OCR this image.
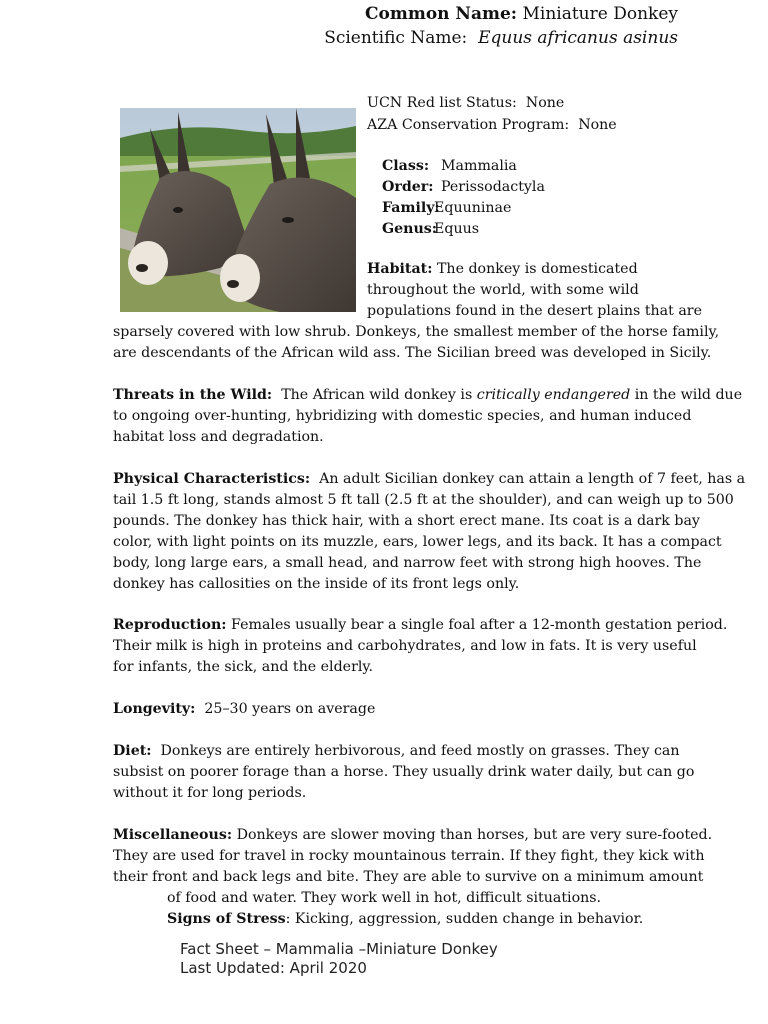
Common Name: Miniature Donkey
Scientific Name: Equus africanus asinus
UCN Red list Status: None
AZA Conservation Program: None
Class: Mammalia
Order: Perissodactyla
Family:Equuninae
Genus:Equus
Habitat: The donkey is domesticated
throughout the world, with some wild
populations found in the desert plains that are
sparsely covered with low shrub. Donkeys, the smallest member of the horse family,
are descendants of the African wild ass. The Sicilian breed was developed in Sicily.
Threats in the Wild: The African wild donkey is critically endangered in the wild due
to ongoing over-hunting, hybridizing with domestic species, and human induced
habitat loss and degradation.
Physical Characteristics: An adult Sicilian donkey can attain a length of 7 feet, has a
tail 1.5 ft long, stands almost 5 ft tall (2.5 ft at the shoulder), and can weigh up to 500
pounds. The donkey has thick hair, with a short erect mane. Its coat is a dark bay
color, with light points on its muzzle, ears, lower legs, and its back. It has a compact
body, long large ears, a small head, and narrow feet with strong high hooves. The
donkey has callosities on the inside of its front legs only.
Reproduction: Females usually bear a single foal after a 12-month gestation period.
Their milk is high in proteins and carbohydrates, and low in fats. It is very useful
for infants, the sick, and the elderly.
Longevity: 25–30 years on average
Diet: Donkeys are entirely herbivorous, and feed mostly on grasses. They can
subsist on poorer forage than a horse. They usually drink water daily, but can go
without it for long periods.
Miscellaneous: Donkeys are slower moving than horses, but are very sure-footed.
They are used for travel in rocky mountainous terrain. If they fight, they kick with
their front and back legs and bite. They are able to survive on a minimum amount
of food and water. They work well in hot, difficult situations.
Signs of Stress: Kicking, aggression, sudden change in behavior.
Fact Sheet – Mammalia –Miniature Donkey
Last Updated: April 2020
